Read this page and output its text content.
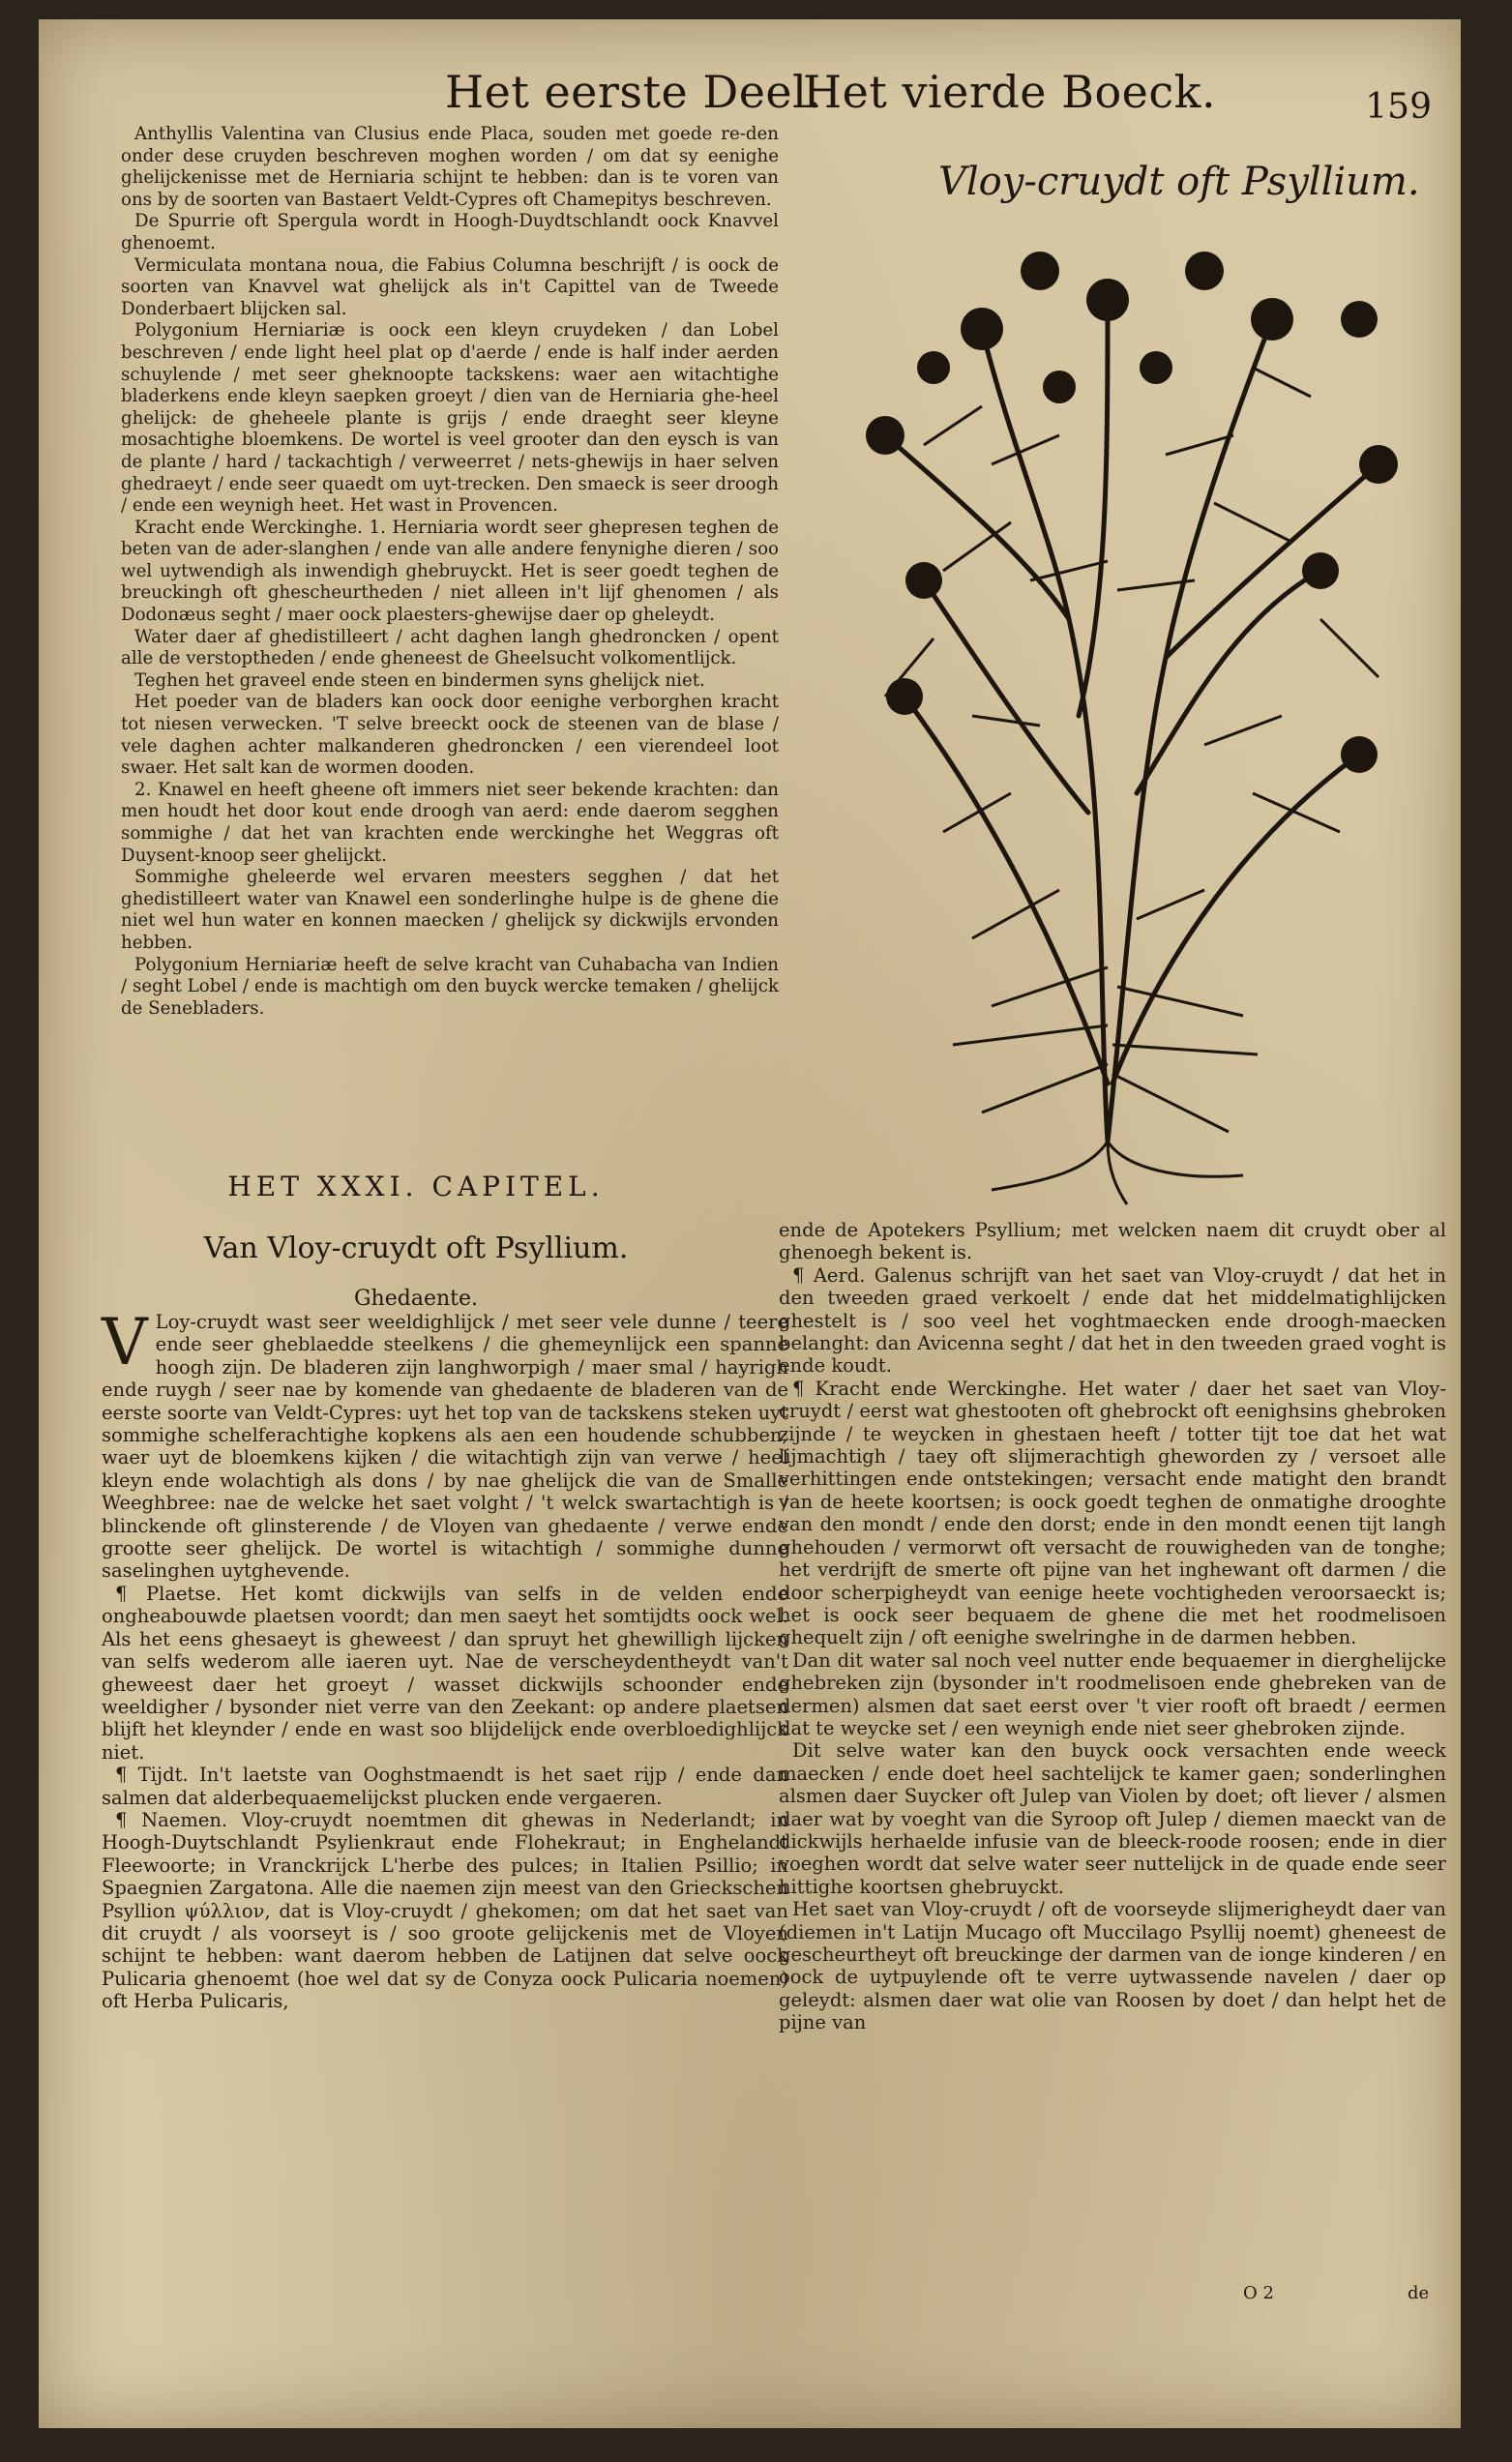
Het eerste Deel.
Het vierde Boeck.	159

Anthyllis Valentina van Clusius ende Placa, souden met goede re-den onder dese cruyden beschreven moghen worden / om dat sy eenighe ghelijckenisse met de Herniaria schijnt te hebben: dan is te voren van ons by de soorten van Bastaert Veldt-Cypres oft Chamepitys beschreven.

De Spurrie oft Spergula wordt in Hoogh-Duydtschlandt oock Knavvel ghenoemt.

Vermiculata montana noua, die Fabius Columna beschrijft / is oock de soorten van Knavvel wat ghelijck als in't Capittel van de Tweede Donderbaert blijcken sal.

Polygonium Herniariæ is oock een kleyn cruydeken / dan Lobel beschreven / ende light heel plat op d'aerde / ende is half inder aerden schuylende / met seer gheknoopte tackskens: waer aen witachtighe bladerkens ende kleyn saepken groeyt / dien van de Herniaria ghe-heel ghelijck: de gheheele plante is grijs / ende draeght seer kleyne mosachtighe bloemkens. De wortel is veel grooter dan den eysch is van de plante / hard / tackachtigh / verweerret / nets-ghewijs in haer selven ghedraeyt / ende seer quaedt om uyt-trecken. Den smaeck is seer droogh / ende een weynigh heet. Het wast in Provencen.

Kracht ende Werckinghe. 1. Herniaria wordt seer ghepresen teghen de beten van de ader-slanghen / ende van alle andere fenynighe dieren / soo wel uytwendigh als inwendigh ghebruyckt. Het is seer goedt teghen de breuckingh oft ghescheurtheden / niet alleen in't lijf ghenomen / als Dodonæus seght / maer oock plaesters-ghewijse daer op gheleydt.

Water daer af ghedistilleert / acht daghen langh ghedroncken / opent alle de verstoptheden / ende gheneest de Gheelsucht volkomentlijck.

Teghen het graveel ende steen en bindermen syns ghelijck niet.

Het poeder van de bladers kan oock door eenighe verborghen kracht tot niesen verwecken. 'T selve breeckt oock de steenen van de blase / vele daghen achter malkanderen ghedroncken / een vierendeel loot swaer. Het salt kan de wormen dooden.

2. Knawel en heeft gheene oft immers niet seer bekende krachten: dan men houdt het door kout ende droogh van aerd: ende daerom segghen sommighe / dat het van krachten ende werckinghe het Weggras oft Duysent-knoop seer ghelijckt.

Sommighe gheleerde wel ervaren meesters segghen / dat het ghedistilleert water van Knawel een sonderlinghe hulpe is de ghene die niet wel hun water en konnen maecken / ghelijck sy dickwijls ervonden hebben.

Polygonium Herniariæ heeft de selve kracht van Cuhabacha van Indien / seght Lobel / ende is machtigh om den buyck wercke temaken / ghelijck de Senebladers.

HET XXXI. CAPITEL.
Van Vloy-cruydt oft Psyllium.
Ghedaente.

V Loy-cruydt wast seer weeldighlijck / met seer vele dunne / teere ende seer gheblaedde steelkens / die ghemeynlijck een spanne hoogh zijn. De bladeren zijn langhworpigh / maer smal / hayrigh ende ruygh / seer nae by komende van ghedaente de bladeren van de eerste soorte van Veldt-Cypres: uyt het top van de tackskens steken uyt sommighe schelferachtighe kopkens als aen een houdende schubben; waer uyt de bloemkens kijken / die witachtigh zijn van verwe / heel kleyn ende wolachtigh als dons / by nae ghelijck die van de Smalle Weeghbree: nae de welcke het saet volght / 't welck swartachtigh is / blinckende oft glinsterende / de Vloyen van ghedaente / verwe ende grootte seer ghelijck. De wortel is witachtigh / sommighe dunne saselinghen uytghevende.

¶ Plaetse. Het komt dickwijls van selfs in de velden ende ongheabouwde plaetsen voordt; dan men saeyt het somtijdts oock wel. Als het eens ghesaeyt is gheweest / dan spruyt het ghewilligh lijcken van selfs wederom alle iaeren uyt. Nae de verscheydentheydt van't gheweest daer het groeyt / wasset dickwijls schoonder ende weeldigher / bysonder niet verre van den Zeekant: op andere plaetsen blijft het kleynder / ende en wast soo blijdelijck ende overbloedighlijck niet.

¶ Tijdt. In't laetste van Ooghstmaendt is het saet rijp / ende dan salmen dat alderbequaemelijckst plucken ende vergaeren.

¶ Naemen. Vloy-cruydt noemtmen dit ghewas in Nederlandt; in Hoogh-Duytschlandt Psylienkraut ende Flohekraut; in Enghelandt Fleewoorte; in Vranckrijck L'herbe des pulces; in Italien Psillio; in Spaegnien Zargatona. Alle die naemen zijn meest van den Grieckschen Psyllion ψύλλιον, dat is Vloy-cruydt / ghekomen; om dat het saet van dit cruydt / als voorseyt is / soo groote gelijckenis met de Vloyen schijnt te hebben: want daerom hebben de Latijnen dat selve oock Pulicaria ghenoemt (hoe wel dat sy de Conyza oock Pulicaria noemen) oft Herba Pulicaris,

Vloy-cruydt oft Psyllium.

ende de Apotekers Psyllium; met welcken naem dit cruydt ober al ghenoegh bekent is.

¶ Aerd. Galenus schrijft van het saet van Vloy-cruydt / dat het in den tweeden graed verkoelt / ende dat het middelmatighlijcken ghestelt is / soo veel het voghtmaecken ende droogh-maecken belanght: dan Avicenna seght / dat het in den tweeden graed voght is ende koudt.

¶ Kracht ende Werckinghe. Het water / daer het saet van Vloy-cruydt / eerst wat ghestooten oft ghebrockt oft eenighsins ghebroken zijnde / te weycken in ghestaen heeft / totter tijt toe dat het wat lijmachtigh / taey oft slijmerachtigh gheworden zy / versoet alle verhittingen ende ontstekingen; versacht ende matight den brandt van de heete koortsen; is oock goedt teghen de onmatighe drooghte van den mondt / ende den dorst; ende in den mondt eenen tijt langh ghehouden / vermorwt oft versacht de rouwigheden van de tonghe; het verdrijft de smerte oft pijne van het inghewant oft darmen / die door scherpigheydt van eenige heete vochtigheden veroorsaeckt is; het is oock seer bequaem de ghene die met het roodmelisoen ghequelt zijn / oft eenighe swelringhe in de darmen hebben.

Dan dit water sal noch veel nutter ende bequaemer in dierghelijcke ghebreken zijn (bysonder in't roodmelisoen ende ghebreken van de dermen) alsmen dat saet eerst over 't vier rooft oft braedt / eermen dat te weycke set / een weynigh ende niet seer ghebroken zijnde.

Dit selve water kan den buyck oock versachten ende weeck maecken / ende doet heel sachtelijck te kamer gaen; sonderlinghen alsmen daer Suycker oft Julep van Violen by doet; oft liever / alsmen daer wat by voeght van die Syroop oft Julep / diemen maeckt van de dickwijls herhaelde infusie van de bleeck-roode roosen; ende in dier voeghen wordt dat selve water seer nuttelijck in de quade ende seer hittighe koortsen ghebruyckt.

Het saet van Vloy-cruydt / oft de voorseyde slijmerigheydt daer van (diemen in't Latijn Mucago oft Muccilago Psyllij noemt) gheneest de gescheurtheyt oft breuckinge der darmen van de ionge kinderen / en oock de uytpuylende oft te verre uytwassende navelen / daer op geleydt: alsmen daer wat olie van Roosen by doet / dan helpt het de pijne van

O 2	de
